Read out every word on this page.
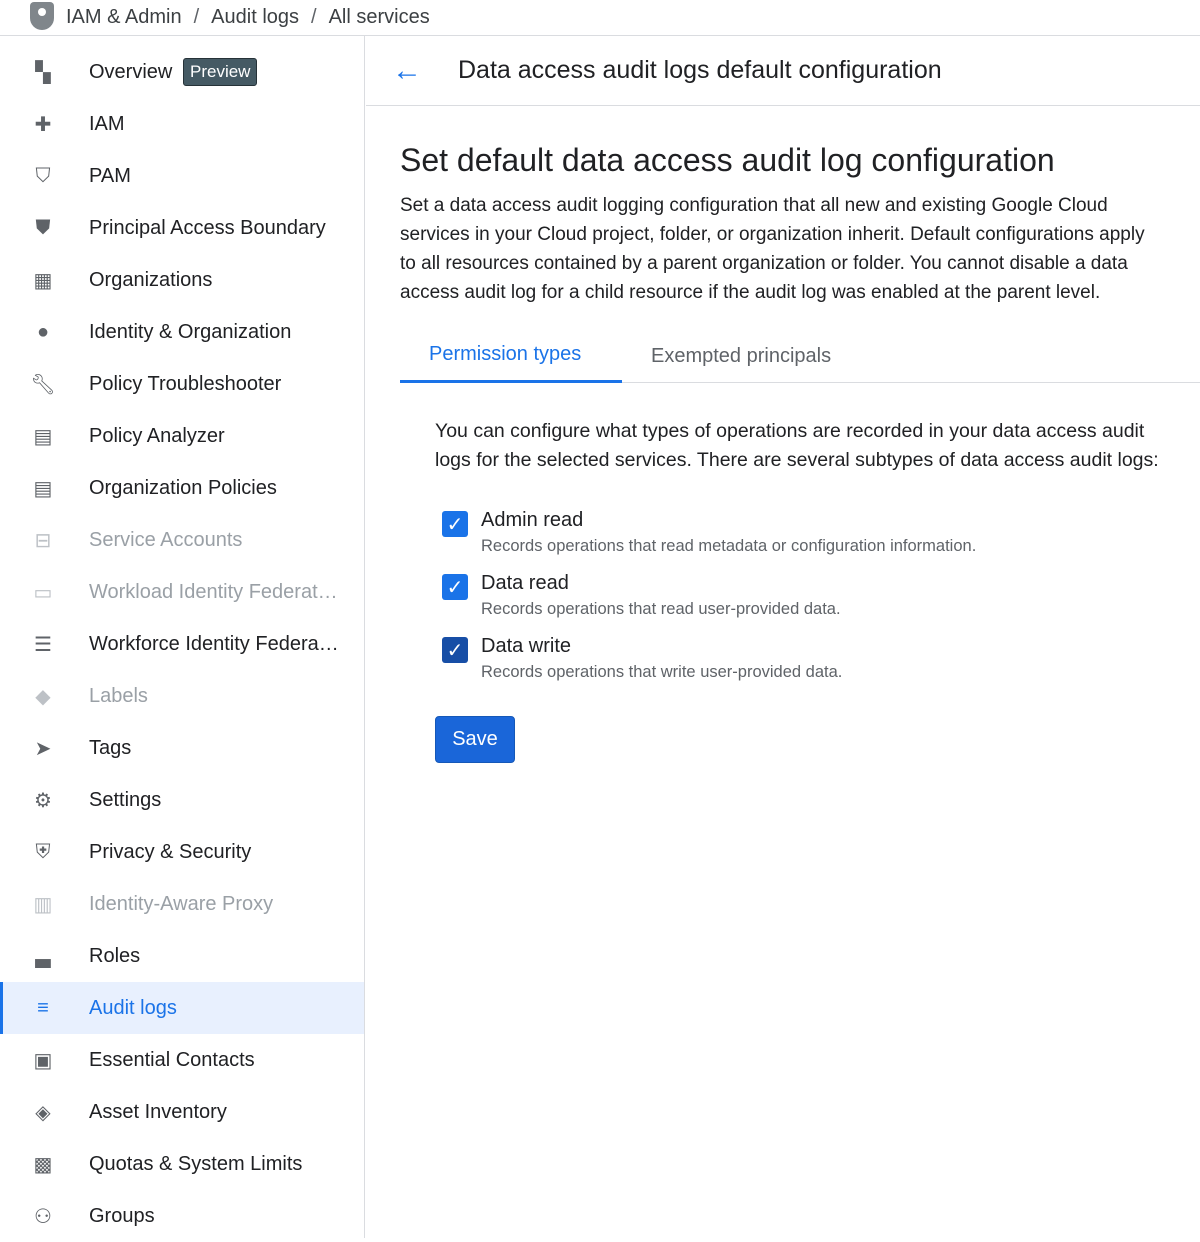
IAM & Admin / Audit logs / All services
▚ Overview	Preview
✚ IAM
⛉ PAM
⛊ Principal Access Boundary
▦ Organizations
● Identity & Organization
🔧︎ Policy Troubleshooter
▤ Policy Analyzer
▤ Organization Policies
⊟ Service Accounts
▭ Workload Identity Federat…
☰ Workforce Identity Federa…
◆ Labels
➤ Tags
⚙ Settings
⛨ Privacy & Security
▥ Identity-Aware Proxy
▃ Roles
≡	Audit logs
▣ Essential Contacts
◈ Asset Inventory
▩ Quotas & System Limits
⚇ Groups
← Data access audit logs default configuration
Set default data access audit log configuration

Set a data access audit logging configuration that all new and existing Google Cloud services in your Cloud project, folder, or organization inherit. Default configurations apply to all resources contained by a parent organization or folder. You cannot disable a data access audit log for a child resource if the audit log was enabled at the parent level.

Permission types	Exempted principals

You can configure what types of operations are recorded in your data access audit logs for the selected services. There are several subtypes of data access audit logs:

✓ Admin read
Records operations that read metadata or configuration information.
✓ Data read
Records operations that read user-provided data.
✓ Data write
Records operations that write user-provided data.
Save
